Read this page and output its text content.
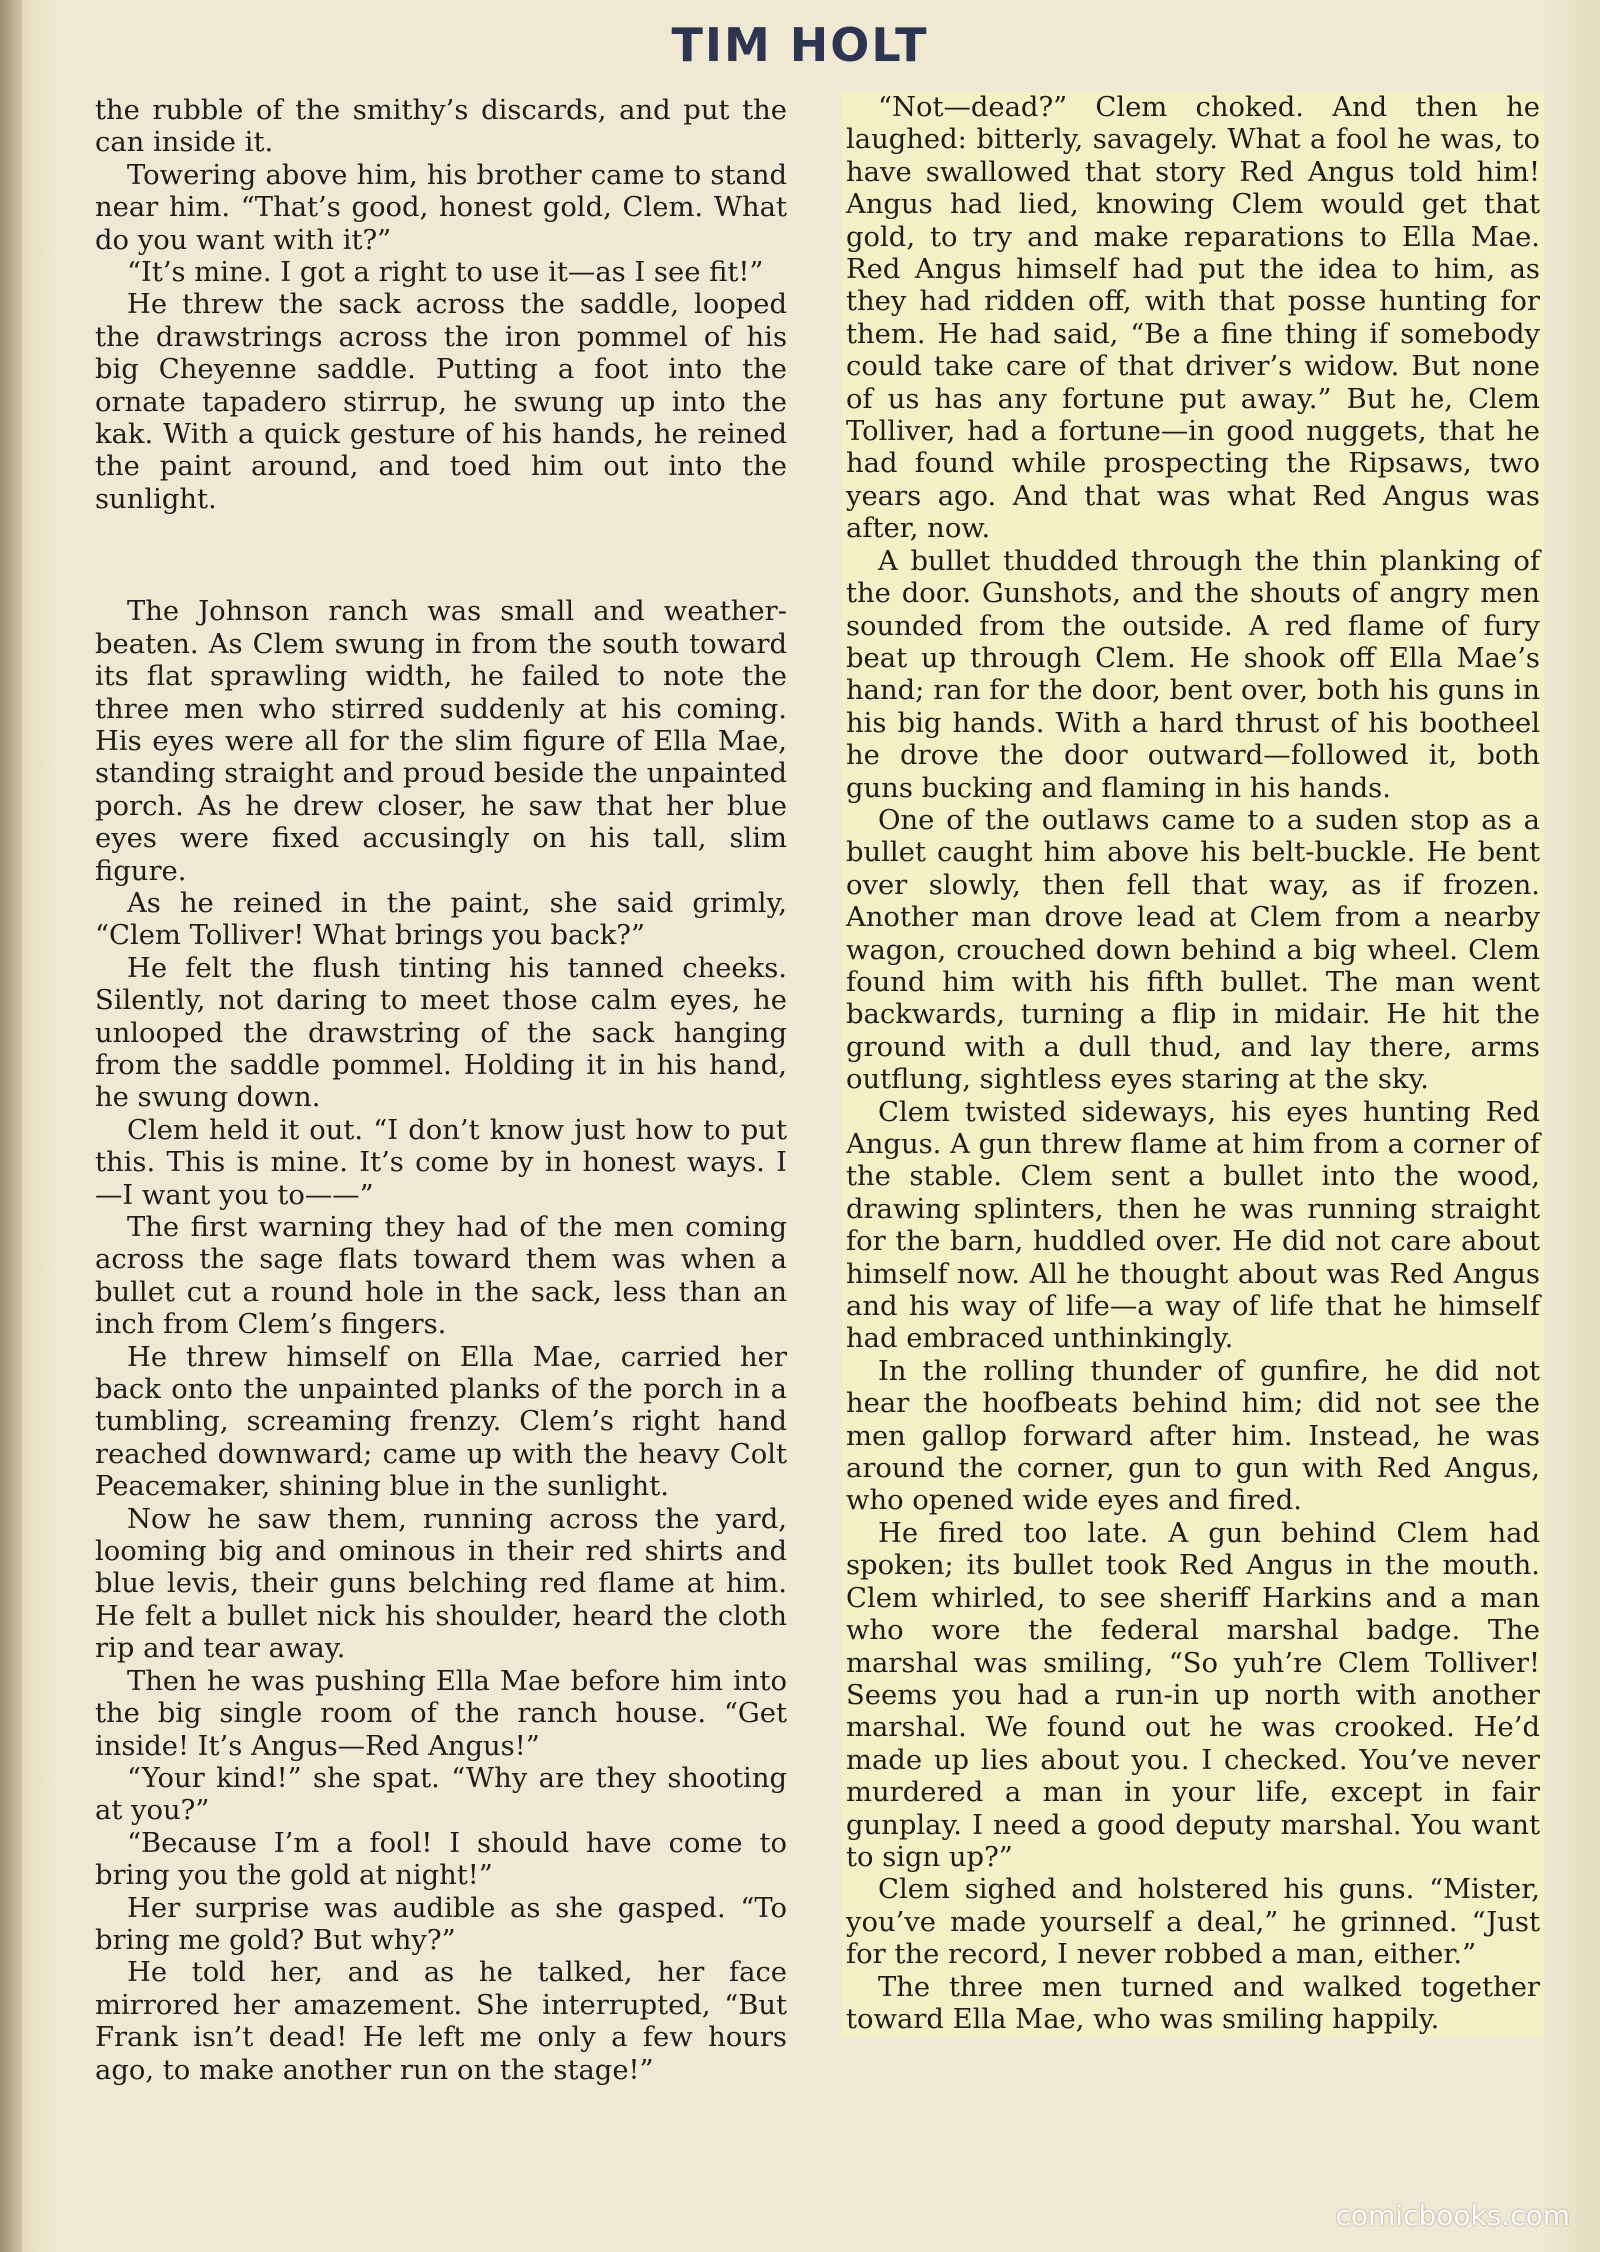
TIM HOLT

the rubble of the smithy’s discards, and put the can inside it.

Towering above him, his brother came to stand near him. “That’s good, honest gold, Clem. What do you want with it?”

“It’s mine. I got a right to use it—as I see fit!”

He threw the sack across the saddle, looped the drawstrings across the iron pommel of his big Cheyenne saddle. Putting a foot into the ornate tapadero stirrup, he swung up into the kak. With a quick gesture of his hands, he reined the paint around, and toed him out into the sunlight.

The Johnson ranch was small and weather-beaten. As Clem swung in from the south toward its flat sprawling width, he failed to note the three men who stirred suddenly at his coming. His eyes were all for the slim figure of Ella Mae, standing straight and proud beside the unpainted porch. As he drew closer, he saw that her blue eyes were fixed accusingly on his tall, slim figure.

As he reined in the paint, she said grimly, “Clem Tolliver! What brings you back?”

He felt the flush tinting his tanned cheeks. Silently, not daring to meet those calm eyes, he unlooped the drawstring of the sack hanging from the saddle pommel. Holding it in his hand, he swung down.

Clem held it out. “I don’t know just how to put this. This is mine. It’s come by in honest ways. I—I want you to——”

The first warning they had of the men coming across the sage flats toward them was when a bullet cut a round hole in the sack, less than an inch from Clem’s fingers.

He threw himself on Ella Mae, carried her back onto the unpainted planks of the porch in a tumbling, screaming frenzy. Clem’s right hand reached downward; came up with the heavy Colt Peacemaker, shining blue in the sunlight.

Now he saw them, running across the yard, looming big and ominous in their red shirts and blue levis, their guns belching red flame at him. He felt a bullet nick his shoulder, heard the cloth rip and tear away.

Then he was pushing Ella Mae before him into the big single room of the ranch house. “Get inside! It’s Angus—Red Angus!”

“Your kind!” she spat. “Why are they shooting at you?”

“Because I’m a fool! I should have come to bring you the gold at night!”

Her surprise was audible as she gasped. “To bring me gold? But why?”

He told her, and as he talked, her face mirrored her amazement. She interrupted, “But Frank isn’t dead! He left me only a few hours ago, to make another run on the stage!”

“Not—dead?” Clem choked. And then he laughed: bitterly, savagely. What a fool he was, to have swallowed that story Red Angus told him! Angus had lied, knowing Clem would get that gold, to try and make reparations to Ella Mae. Red Angus himself had put the idea to him, as they had ridden off, with that posse hunting for them. He had said, “Be a fine thing if somebody could take care of that driver’s widow. But none of us has any fortune put away.” But he, Clem Tolliver, had a fortune—in good nuggets, that he had found while prospecting the Ripsaws, two years ago. And that was what Red Angus was after, now.

A bullet thudded through the thin planking of the door. Gunshots, and the shouts of angry men sounded from the outside. A red flame of fury beat up through Clem. He shook off Ella Mae’s hand; ran for the door, bent over, both his guns in his big hands. With a hard thrust of his bootheel he drove the door outward—followed it, both guns bucking and flaming in his hands.

One of the outlaws came to a suden stop as a bullet caught him above his belt-buckle. He bent over slowly, then fell that way, as if frozen. Another man drove lead at Clem from a nearby wagon, crouched down behind a big wheel. Clem found him with his fifth bullet. The man went backwards, turning a flip in midair. He hit the ground with a dull thud, and lay there, arms outflung, sightless eyes staring at the sky.

Clem twisted sideways, his eyes hunting Red Angus. A gun threw flame at him from a corner of the stable. Clem sent a bullet into the wood, drawing splinters, then he was running straight for the barn, huddled over. He did not care about himself now. All he thought about was Red Angus and his way of life—a way of life that he himself had embraced unthinkingly.

In the rolling thunder of gunfire, he did not hear the hoofbeats behind him; did not see the men gallop forward after him. Instead, he was around the corner, gun to gun with Red Angus, who opened wide eyes and fired.

He fired too late. A gun behind Clem had spoken; its bullet took Red Angus in the mouth. Clem whirled, to see sheriff Harkins and a man who wore the federal marshal badge. The marshal was smiling, “So yuh’re Clem Tolliver! Seems you had a run-in up north with another marshal. We found out he was crooked. He’d made up lies about you. I checked. You’ve never murdered a man in your life, except in fair gunplay. I need a good deputy marshal. You want to sign up?”

Clem sighed and holstered his guns. “Mister, you’ve made yourself a deal,” he grinned. “Just for the record, I never robbed a man, either.”

The three men turned and walked together toward Ella Mae, who was smiling happily.

comicbooks.com
